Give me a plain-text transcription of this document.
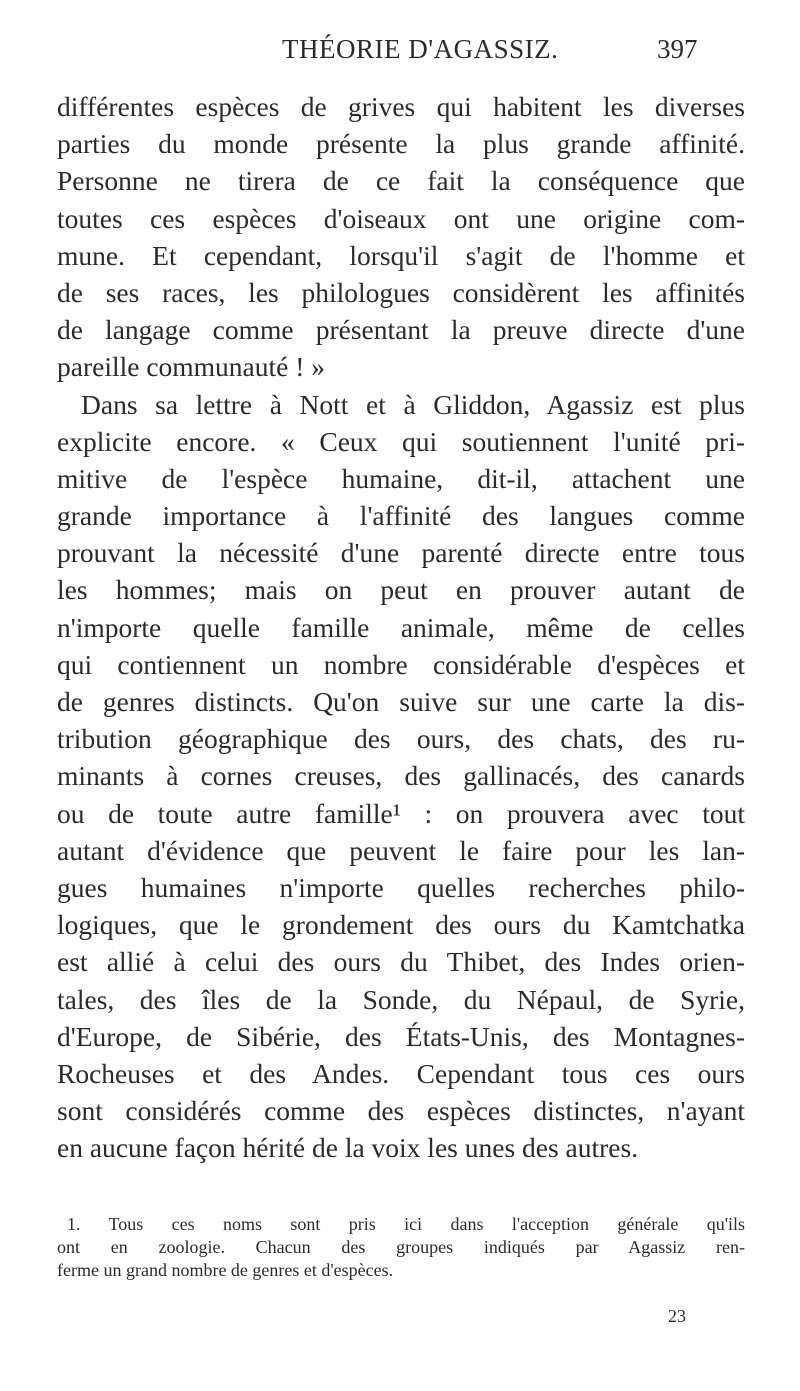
THÉORIE D'AGASSIZ.	397
différentes espèces de grives qui habitent les diverses
parties du monde présente la plus grande affinité.
Personne ne tirera de ce fait la conséquence que
toutes ces espèces d'oiseaux ont une origine com-
mune. Et cependant, lorsqu'il s'agit de l'homme et
de ses races, les philologues considèrent les affinités
de langage comme présentant la preuve directe d'une
pareille communauté ! »
Dans sa lettre à Nott et à Gliddon, Agassiz est plus
explicite encore. « Ceux qui soutiennent l'unité pri-
mitive de l'espèce humaine, dit-il, attachent une
grande importance à l'affinité des langues comme
prouvant la nécessité d'une parenté directe entre tous
les hommes; mais on peut en prouver autant de
n'importe quelle famille animale, même de celles
qui contiennent un nombre considérable d'espèces et
de genres distincts. Qu'on suive sur une carte la dis-
tribution géographique des ours, des chats, des ru-
minants à cornes creuses, des gallinacés, des canards
ou de toute autre famille¹ : on prouvera avec tout
autant d'évidence que peuvent le faire pour les lan-
gues humaines n'importe quelles recherches philo-
logiques, que le grondement des ours du Kamtchatka
est allié à celui des ours du Thibet, des Indes orien-
tales, des îles de la Sonde, du Népaul, de Syrie,
d'Europe, de Sibérie, des États-Unis, des Montagnes-
Rocheuses et des Andes. Cependant tous ces ours
sont considérés comme des espèces distinctes, n'ayant
en aucune façon hérité de la voix les unes des autres.
1. Tous ces noms sont pris ici dans l'acception générale qu'ils
ont en zoologie. Chacun des groupes indiqués par Agassiz ren-
ferme un grand nombre de genres et d'espèces.
23
